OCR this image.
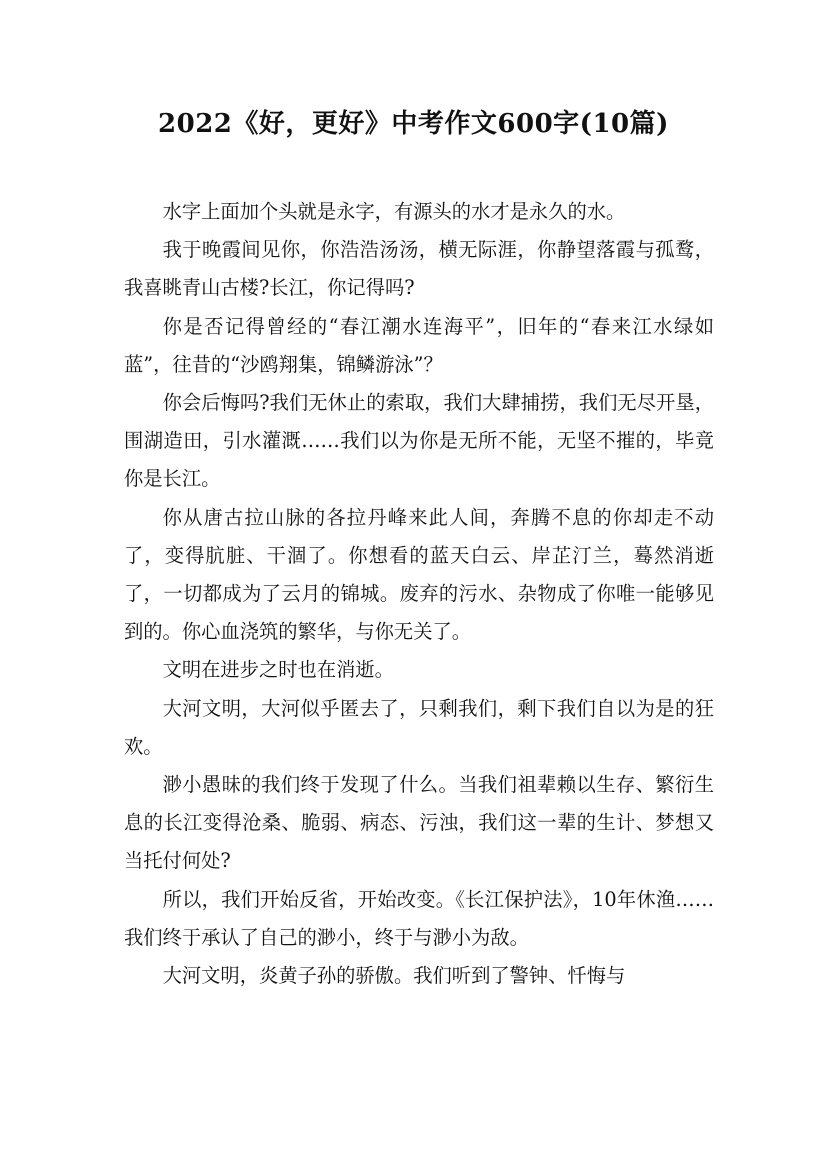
2022《好，更好》中考作文600字(10篇)

水字上面加个头就是永字，有源头的水才是永久的水。

我于晚霞间见你，你浩浩汤汤，横无际涯，你静望落霞与孤鹜，我喜眺青山古楼?长江，你记得吗?

你是否记得曾经的“春江潮水连海平”，旧年的“春来江水绿如蓝”，往昔的“沙鸥翔集，锦鳞游泳”？

你会后悔吗?我们无休止的索取，我们大肆捕捞，我们无尽开垦，围湖造田，引水灌溉……我们以为你是无所不能，无坚不摧的，毕竟你是长江。

你从唐古拉山脉的各拉丹峰来此人间，奔腾不息的你却走不动了，变得肮脏、干涸了。你想看的蓝天白云、岸芷汀兰，蓦然消逝了，一切都成为了云月的锦城。废弃的污水、杂物成了你唯一能够见到的。你心血浇筑的繁华，与你无关了。

文明在进步之时也在消逝。

大河文明，大河似乎匿去了，只剩我们，剩下我们自以为是的狂欢。

渺小愚昧的我们终于发现了什么。当我们祖辈赖以生存、繁衍生息的长江变得沧桑、脆弱、病态、污浊，我们这一辈的生计、梦想又当托付何处?

所以，我们开始反省，开始改变。《长江保护法》，10年休渔……我们终于承认了自己的渺小，终于与渺小为敌。

大河文明，炎黄子孙的骄傲。我们听到了警钟、忏悔与
